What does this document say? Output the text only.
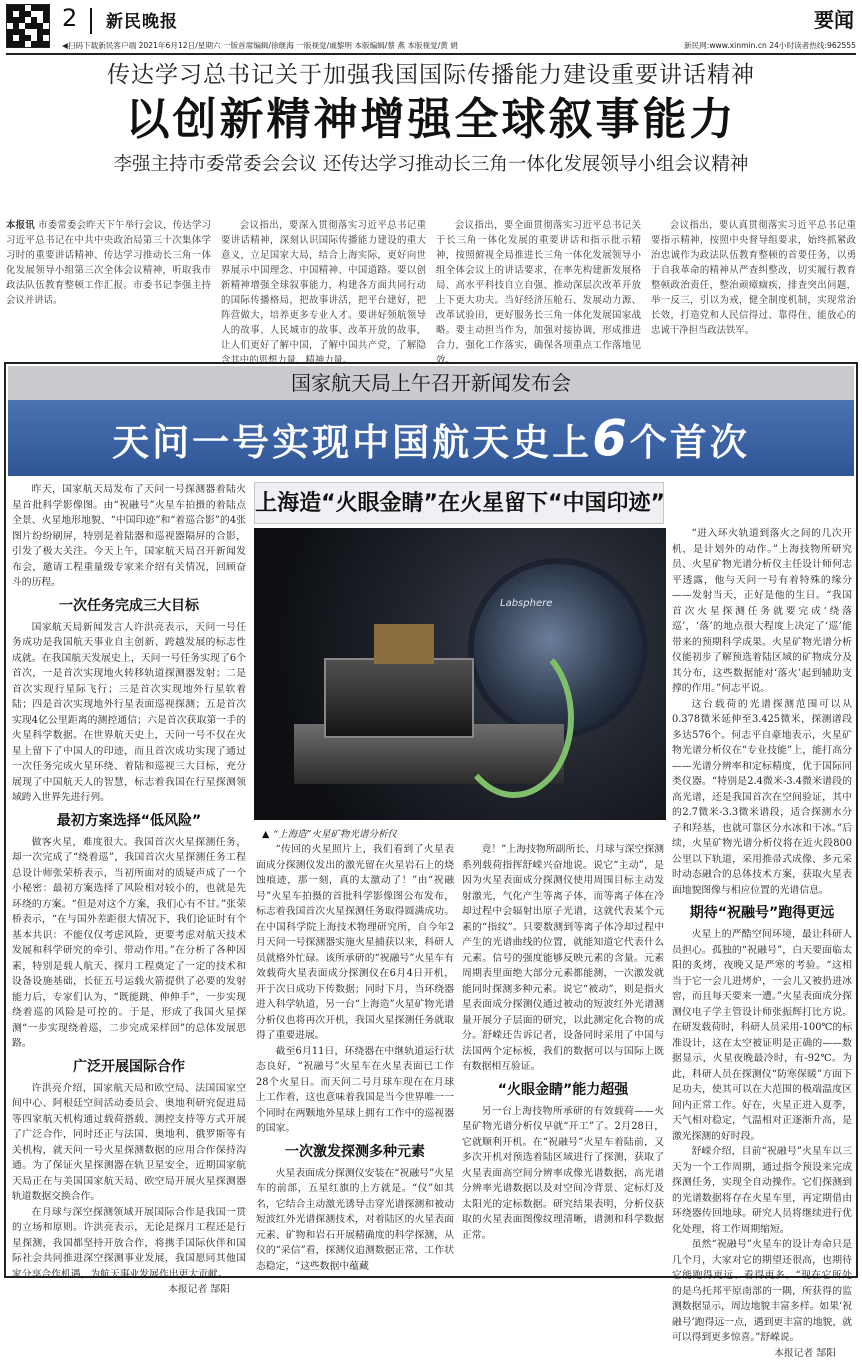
2 新民晚报	要闻
◀扫码下载新民客户端 2021年6月12日/星期六 一版首席编辑/徐继海 一版视觉/戚黎明 本版编辑/蔡 燕 本版视觉/黄 娟	新民网:www.xinmin.cn 24小时读者热线:962555
传达学习总书记关于加强我国国际传播能力建设重要讲话精神
以创新精神增强全球叙事能力
李强主持市委常委会会议 还传达学习推动长三角一体化发展领导小组会议精神

本报讯 市委常委会昨天下午举行会议，传达学习习近平总书记在中共中央政治局第三十次集体学习时的重要讲话精神、传达学习推动长三角一体化发展领导小组第三次全体会议精神，听取我市政法队伍教育整顿工作汇报。市委书记李强主持会议并讲话。

会议指出，要深入贯彻落实习近平总书记重要讲话精神，深刻认识国际传播能力建设的重大意义，立足国家大局，结合上海实际，更好向世界展示中国理念、中国精神、中国道路。要以创新精神增强全球叙事能力，构建各方面共同行动的国际传播格局，把故事讲活，把平台建好，把阵营做大，培养更多专业人才。要讲好领航领导人的故事、人民城市的故事、改革开放的故事，让人们更好了解中国，了解中国共产党，了解隐含其中的思想力量、精神力量。

会议指出，要全面贯彻落实习近平总书记关于长三角一体化发展的重要讲话和指示批示精神，按照俯视全局推进长三角一体化发展领导小组全体会议上的讲话要求，在率先构建新发展格局、高水平科技自立自强、推动深层次改革开放上下更大功夫。当好经济压舱石、发展动力源、改革试验田，更好服务长三角一体化发展国家战略。要主动担当作为，加强对接协调，形成推进合力，强化工作落实，确保各项重点工作落地见效。

会议指出，要认真贯彻落实习近平总书记重要指示精神，按照中央督导组要求，始终抓紧政治忠诚作为政法队伍教育整顿的首要任务，以勇于自我革命的精神从严查纠整改，切实履行教育整顿政治责任，整治顽瘴痼疾，排查突出问题，举一反三，引以为戒，健全制度机制，实现常治长效，打造党和人民信得过、靠得住、能放心的忠诚干净担当政法铁军。

国家航天局上午召开新闻发布会
天问一号实现中国航天史上6个首次

昨天，国家航天局发布了天问一号探测器着陆火星首批科学影像图。由“祝融号”火星车拍摄的着陆点全景、火星地形地貌、“中国印迹”和“着巡合影”的4张图片纷纷刷屏，特别是着陆器和巡视器隔屏的合影，引发了极大关注。今天上午，国家航天局召开新闻发布会，邀请工程重量级专家来介绍有关情况，回顾奋斗的历程。

一次任务完成三大目标

国家航天局新闻发言人许洪亮表示，天问一号任务成功是我国航天事业自主创新、跨越发展的标志性成就。在我国航天发展史上，天问一号任务实现了6个首次，一是首次实现地火转移轨道探测器发射；二是首次实现行星际飞行；三是首次实现地外行星软着陆；四是首次实现地外行星表面巡视探测；五是首次实现4亿公里距离的测控通信；六是首次获取第一手的火星科学数据。在世界航天史上，天问一号不仅在火星上留下了中国人的印迹，而且首次成功实现了通过一次任务完成火星环绕、着陆和巡视三大目标，充分展现了中国航天人的智慧，标志着我国在行星探测领域跨入世界先进行列。

最初方案选择“低风险”

做客火星，难度很大。我国首次火星探测任务，却一次完成了“绕着巡”，我国首次火星探测任务工程总设计师张荣桥表示，当初所面对的质疑声成了一个小秘密：最初方案选择了风险相对较小的，也就是先环绕的方案。“但是对这个方案，我们心有不甘。”张荣桥表示，“在与国外差距很大情况下，我们论证时有个基本共识：不能仅仅考虑风险，更要考虑对航天技术发展和科学研究的牵引、带动作用。”在分析了各种因素，特别是载人航天、探月工程奠定了一定的技术和设备设施基础，长征五号运载火箭提供了必要的发射能力后，专家们认为，“既能跳、伸伸手”，一步实现绕着巡的风险是可控的。于是，形成了我国火星探测“一步实现绕着巡，二步完成采样回”的总体发展思路。

广泛开展国际合作

许洪亮介绍，国家航天局和欧空局、法国国家空间中心、阿根廷空间活动委员会、奥地利研究促进局等四家航天机构通过载荷搭载、测控支持等方式开展了广泛合作，同时还正与法国、奥地利、俄罗斯等有关机构，就天问一号火星探测数据的应用合作保持沟通。为了保证火星探测器在轨卫星安全，近期国家航天局正在与美国国家航天局、欧空局开展火星探测器轨道数据交换合作。

在月球与深空探测领域开展国际合作是我国一贯的立场和原则。许洪亮表示，无论是探月工程还是行星探测，我国都坚持开放合作，将携手国际伙伴和国际社会共同推进深空探测事业发展，我国愿同其他国家分享合作机遇，为航天事业发展作出更大贡献。

本报记者 郜阳
上海造“火眼金睛”在火星留下“中国印迹”
Labsphere
▲ “上海造”火星矿物光谱分析仪

“传回的火星照片上，我们看到了火星表面成分探测仪发出的激光留在火星岩石上的烧蚀痕迹，那一刻，真的太激动了！”由“祝融号”火星车拍摄的首批科学影像图公布发布，标志着我国首次火星探测任务取得圆满成功。在中国科学院上海技术物理研究所，自今年2月天问一号探测器实施火星捕获以来，科研人员就格外忙碌。该所承研的“祝融号”火星车有效载荷火星表面成分探测仪在6月4日开机，开于次日成功下传数据；同时下月，当环绕器进入科学轨道，另一台“上海造”火星矿物光谱分析仪也将再次开机，我国火星探测任务就取得了重要进展。

截至6月11日，环绕器在中继轨道运行状态良好，“祝融号”火星车在火星表面已工作28个火星日。而天问二号月球车现在在月球上工作着，这也意味着我国是当今世界唯一一个同时在两颗地外星球上拥有工作中的巡视器的国家。

一次激发探测多种元素

火星表面成分探测仪安装在“祝融号”火星车的前部，五星红旗的上方就是。“仪”如其名，它结合主动激光诱导击穿光谱探测和被动短波红外光谱探测技术，对着陆区的火星表面元素、矿物和岩石开展精确度的科学探测，从仪的“采信”看，探测仪追测数据正常，工作状态稳定，“这些数据中蕴藏

竟！”上海技物所副所长、月球与深空探测系列载荷指挥舒嵘兴奋地说。说它“主动”，是因为火星表面成分探测仪使用周围目标主动发射激光，气化产生等离子体，而等离子体在冷却过程中会辐射出原子光谱，这就代表某个元素的“指纹”。只要数测到等离子体冷却过程中产生的光谱曲线的位置，就能知道它代表什么元素。信号的强度能够反映元素的含量。元素周期表里面绝大部分元素都能测，一次激发就能同时探测多种元素。说它“被动”，则是指火星表面成分探测仪通过被动的短波红外光谱测量开展分子层面的研究，以此测定化合物的成分。舒嵘还告诉记者，设备同时采用了中国与法国两个定标板，我们的数据可以与国际上既有数据相互验证。

“火眼金睛”能力超强

另一台上海技物所承研的有效载荷——火星矿物光谱分析仪早就“开工”了。2月28日，它就顺利开机。在“祝融号”火星车着陆前，又多次开机对预选着陆区域进行了探测，获取了火星表面高空间分辨率成像光谱数据，高光谱分辨率光谱数据以及对空间冷背景、定标灯及太阳光的定标数据。研究结果表明，分析仪获取的火星表面图像纹理清晰，谱测和科学数据正常。

“进入环火轨道到落火之间的几次开机，是计划外的动作。”上海技物所研究员、火星矿物光谱分析仪主任设计师何志平透露，他与天问一号有着特殊的缘分——发射当天，正好是他的生日。“我国首次火星探测任务就要完成‘绕落巡’，‘落’的地点很大程度上决定了‘巡’能带来的预期科学成果。火星矿物光谱分析仪能初步了解预选着陆区域的矿物成分及其分布，这些数据能对‘落火’起到辅助支撑的作用。”何志平说。

这台载荷的光谱探测范围可以从0.378微米延伸至3.425微米，探测谱段多达576个。何志平自豪地表示，火星矿物光谱分析仪在“专业技能”上，能打高分——光谱分辨率和定标精度，优于国际同类仪器。“特别是2.4微米-3.4微米谱段的高光谱，还是我国首次在空间验证，其中的2.7微米-3.3微米谱段，适合探测水分子和羟基，也就可靠区分水冰和干冰。”后续，火星矿物光谱分析仪将在近火段800公里以下轨道，采用推帚式成像、多元采时动态融合的总体技术方案，获取火星表面地貌图像与相应位置的光谱信息。

期待“祝融号”跑得更远

火星上的严酷空间环境，最让科研人员担心。孤独的“祝融号”，白天要面临太阳的炙烤，夜晚又是严寒的考验。“这相当于它一会儿进烤炉，一会儿又被扔进冰窖，而且每天要来一遭。”火星表面成分探测仪电子学主管设计师张振辉打比方说。在研发载荷时，科研人员采用-100℃的标准设计，这在太空被证明是正确的——数据显示，火星夜晚最冷时，有-92℃。为此，科研人员在探测仪“防寒保暖”方面下足功夫，使其可以在大范围的极端温度区间内正常工作。好在，火星正进入夏季，天气相对稳定，气温相对正逐渐升高，是激光探测的好时段。

舒嵘介绍，目前“祝融号”火星车以三天为一个工作周期，通过指令预设来完成探测任务，实现全自动操作。它们探测到的光谱数据将存在火星车里，再定期借由环绕器传回地球。研究人员将继续进行优化处理，将工作周期缩短。

虽然“祝融号”火星车的设计寿命只是几个月，大家对它的期望还很高，也期待它能跑得更远、看得更多。“现在它所处的是乌托邦平原南部的一隅，所获得的监测数据显示，周边地貌丰富多样。如果‘祝融号’跑得远一点，遇到更丰富的地貌，就可以得到更多惊喜。”舒嵘说。

本报记者 郜阳
